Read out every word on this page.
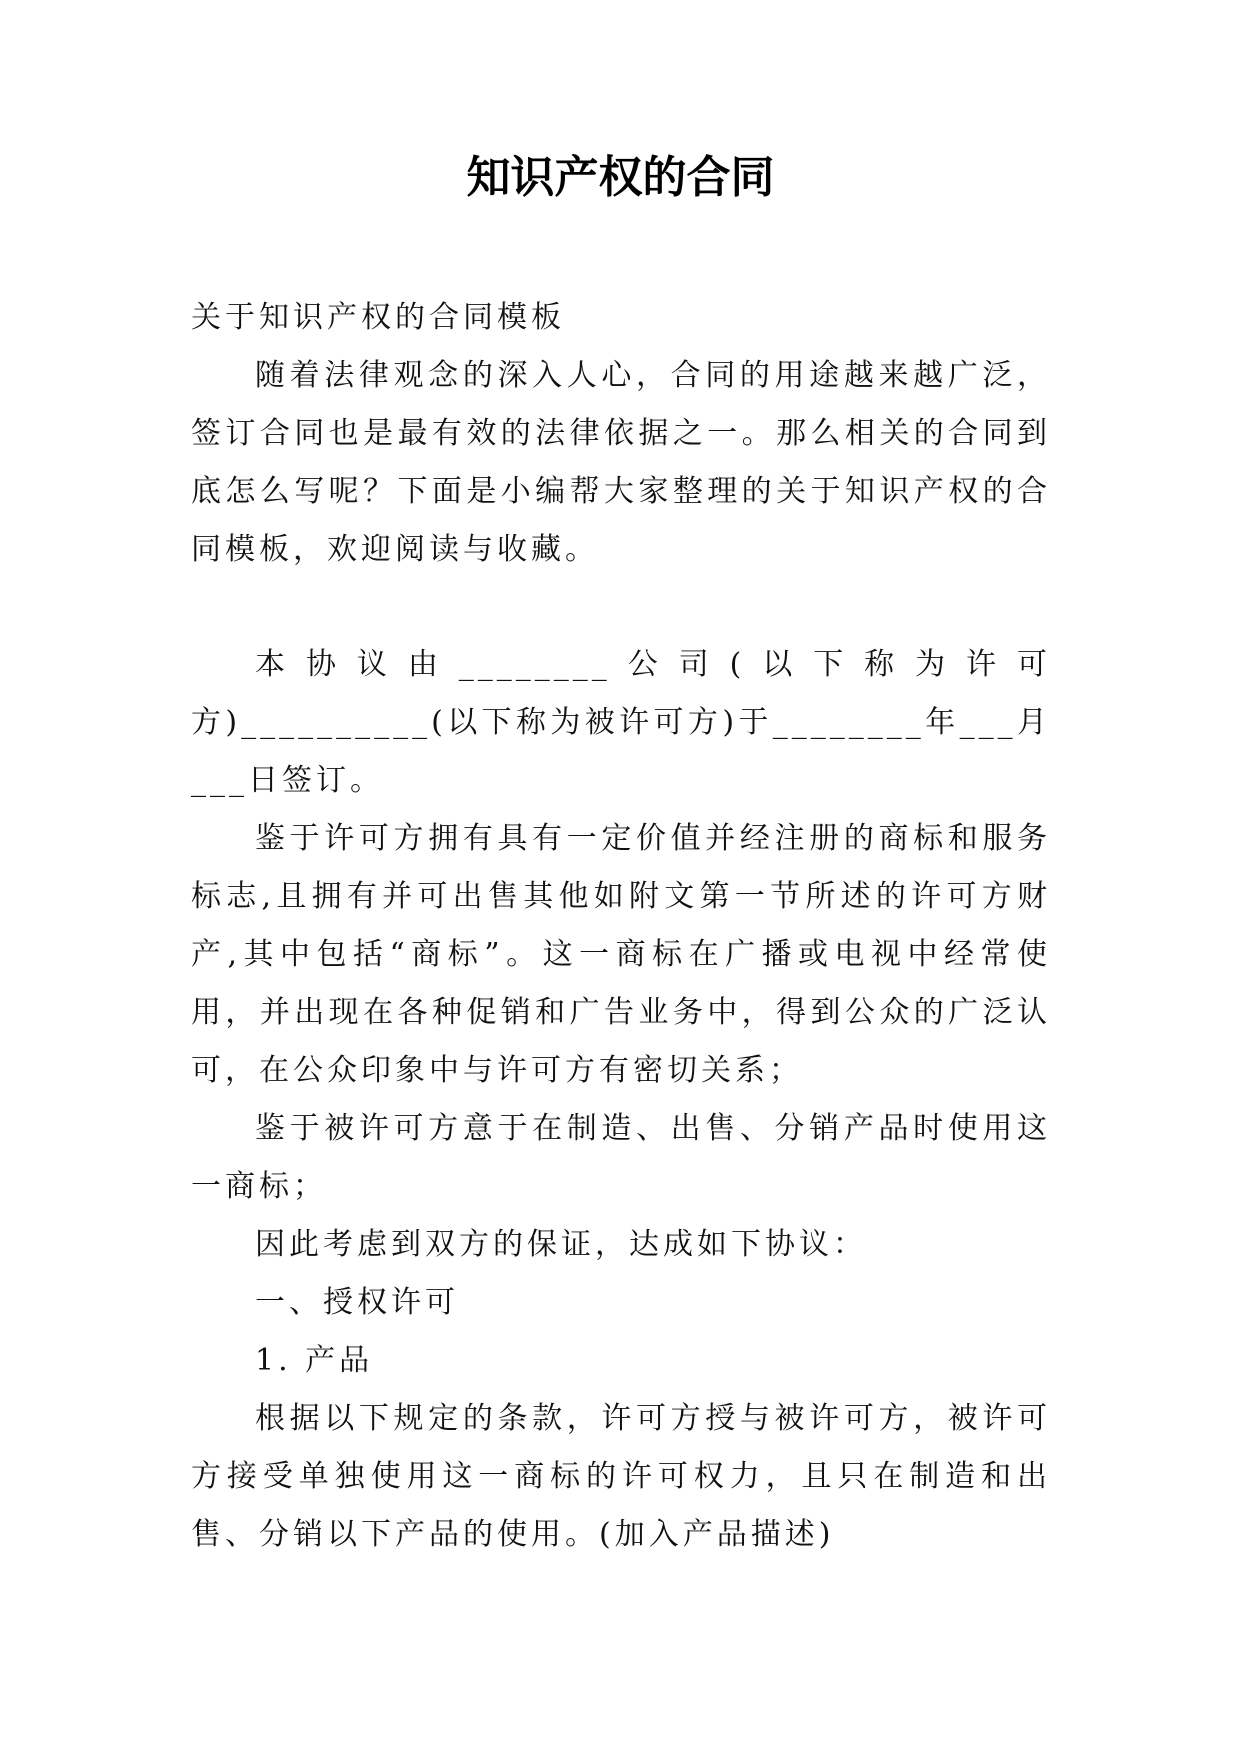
知识产权的合同

关于知识产权的合同模板

随着法律观念的深入人心，合同的用途越来越广泛，签订合同也是最有效的法律依据之一。那么相关的合同到底怎么写呢？下面是小编帮大家整理的关于知识产权的合同模板，欢迎阅读与收藏。

本协议由________公司(以下称为许可方)__________(以下称为被许可方)于________年___月___日签订。

鉴于许可方拥有具有一定价值并经注册的商标和服务标志,且拥有并可出售其他如附文第一节所述的许可方财产,其中包括“商标”。这一商标在广播或电视中经常使用，并出现在各种促销和广告业务中，得到公众的广泛认可，在公众印象中与许可方有密切关系；

鉴于被许可方意于在制造、出售、分销产品时使用这一商标；

因此考虑到双方的保证，达成如下协议：

一、授权许可

1. 产品

根据以下规定的条款，许可方授与被许可方，被许可方接受单独使用这一商标的许可权力，且只在制造和出售、分销以下产品的使用。(加入产品描述)
